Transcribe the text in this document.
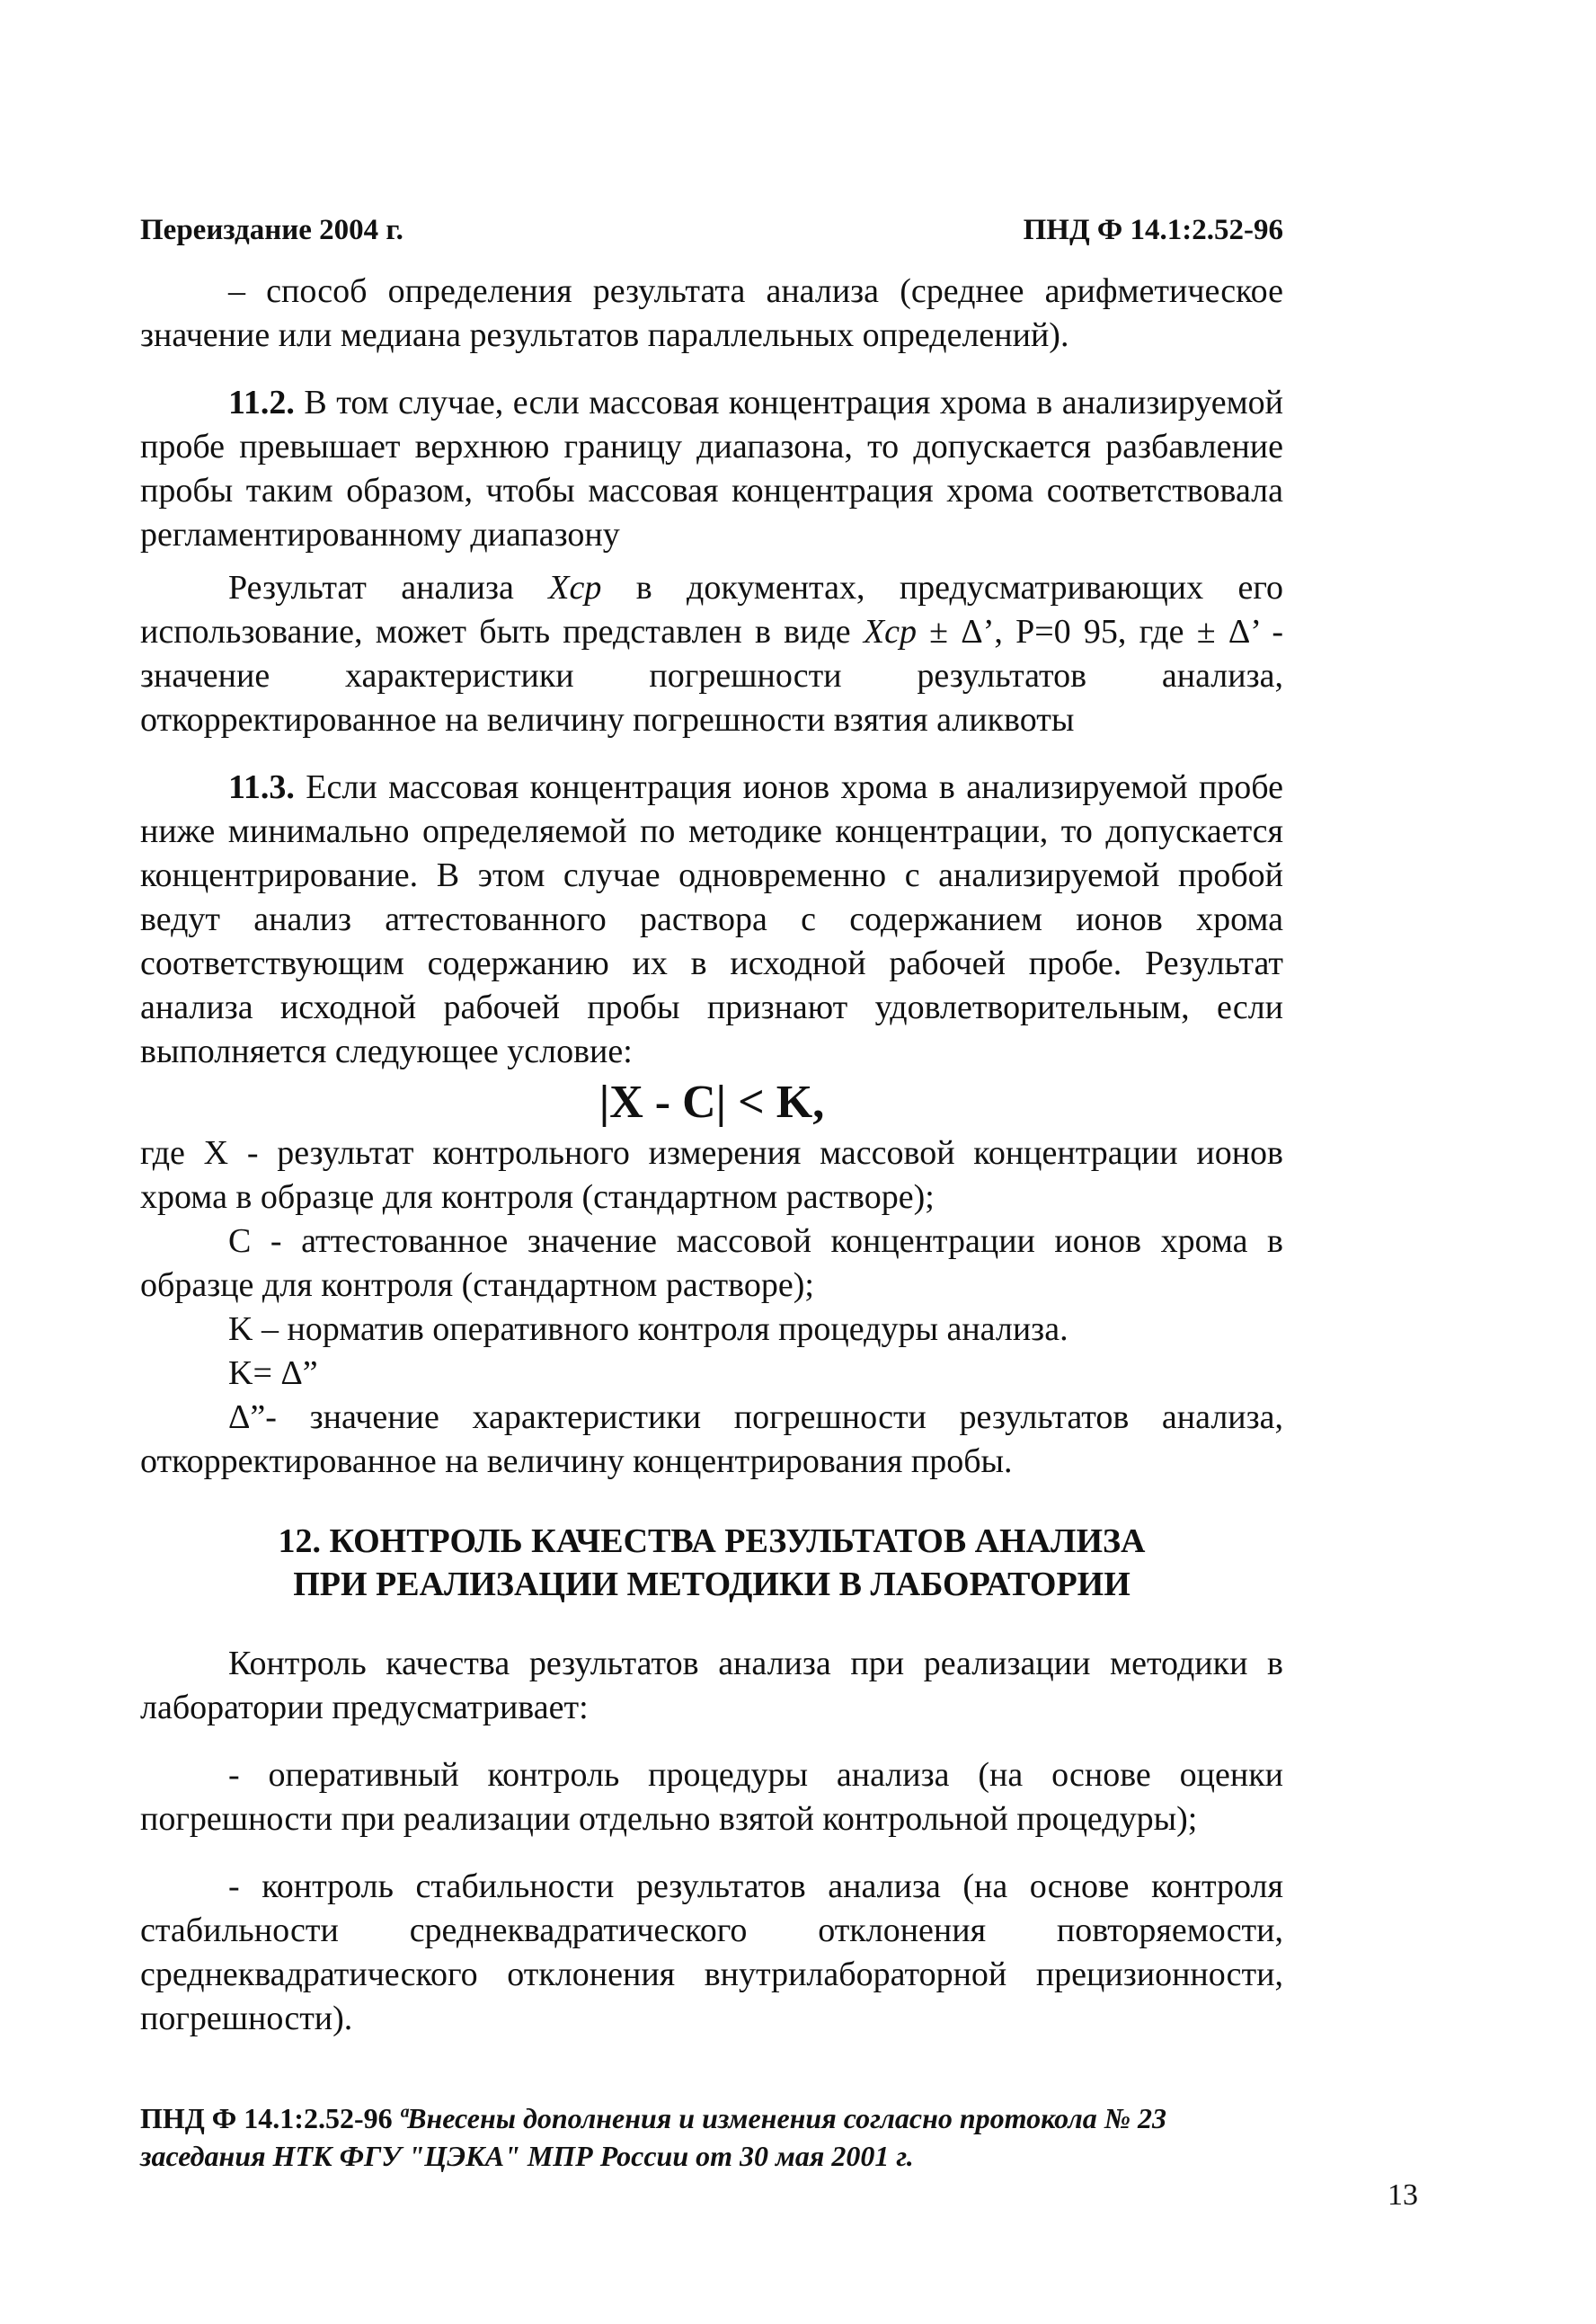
Переиздание 2004 г.	ПНД Ф 14.1:2.52-96

– способ определения результата анализа (среднее арифметическое значение или медиана результатов параллельных определений).

11.2. В том случае, если массовая концентрация хрома в анализируемой пробе превышает верхнюю границу диапазона, то допускается разбавление пробы таким образом, чтобы массовая концентрация хрома соответствовала регламентированному диапазону

Результат анализа Xср в документах, предусматривающих его использование, может быть представлен в виде Xср ± Δ’, P=0 95, где ± Δ’ - значение характеристики погрешности результатов анализа, откорректированное на величину погрешности взятия аликвоты

11.3. Если массовая концентрация ионов хрома в анализируемой пробе ниже минимально определяемой по методике концентрации, то допускается концентрирование. В этом случае одновременно с анализируемой пробой ведут анализ аттестованного раствора с содержанием ионов хрома соответствующим содержанию их в исходной рабочей пробе. Результат анализа исходной рабочей пробы признают удовлетворительным, если выполняется следующее условие:

|X - C| < K,

где X - результат контрольного измерения массовой концентрации ионов хрома в образце для контроля (стандартном растворе);

C - аттестованное значение массовой концентрации ионов хрома в образце для контроля (стандартном растворе);

K – норматив оперативного контроля процедуры анализа.

K= Δ”

Δ”- значение характеристики погрешности результатов анализа, откорректированное на величину концентрирования пробы.

12. КОНТРОЛЬ КАЧЕСТВА РЕЗУЛЬТАТОВ АНАЛИЗА

ПРИ РЕАЛИЗАЦИИ МЕТОДИКИ В ЛАБОРАТОРИИ

Контроль качества результатов анализа при реализации методики в лаборатории предусматривает:

- оперативный контроль процедуры анализа (на основе оценки погрешности при реализации отдельно взятой контрольной процедуры);

- контроль стабильности результатов анализа (на основе контроля стабильности среднеквадратического отклонения повторяемости, среднеквадратического отклонения внутрилабораторной прецизионности, погрешности).

ПНД Ф 14.1:2.52-96 ªВнесены дополнения и изменения согласно протокола № 23 заседания НТК ФГУ "ЦЭКА" МПР России от 30 мая 2001 г.
13
